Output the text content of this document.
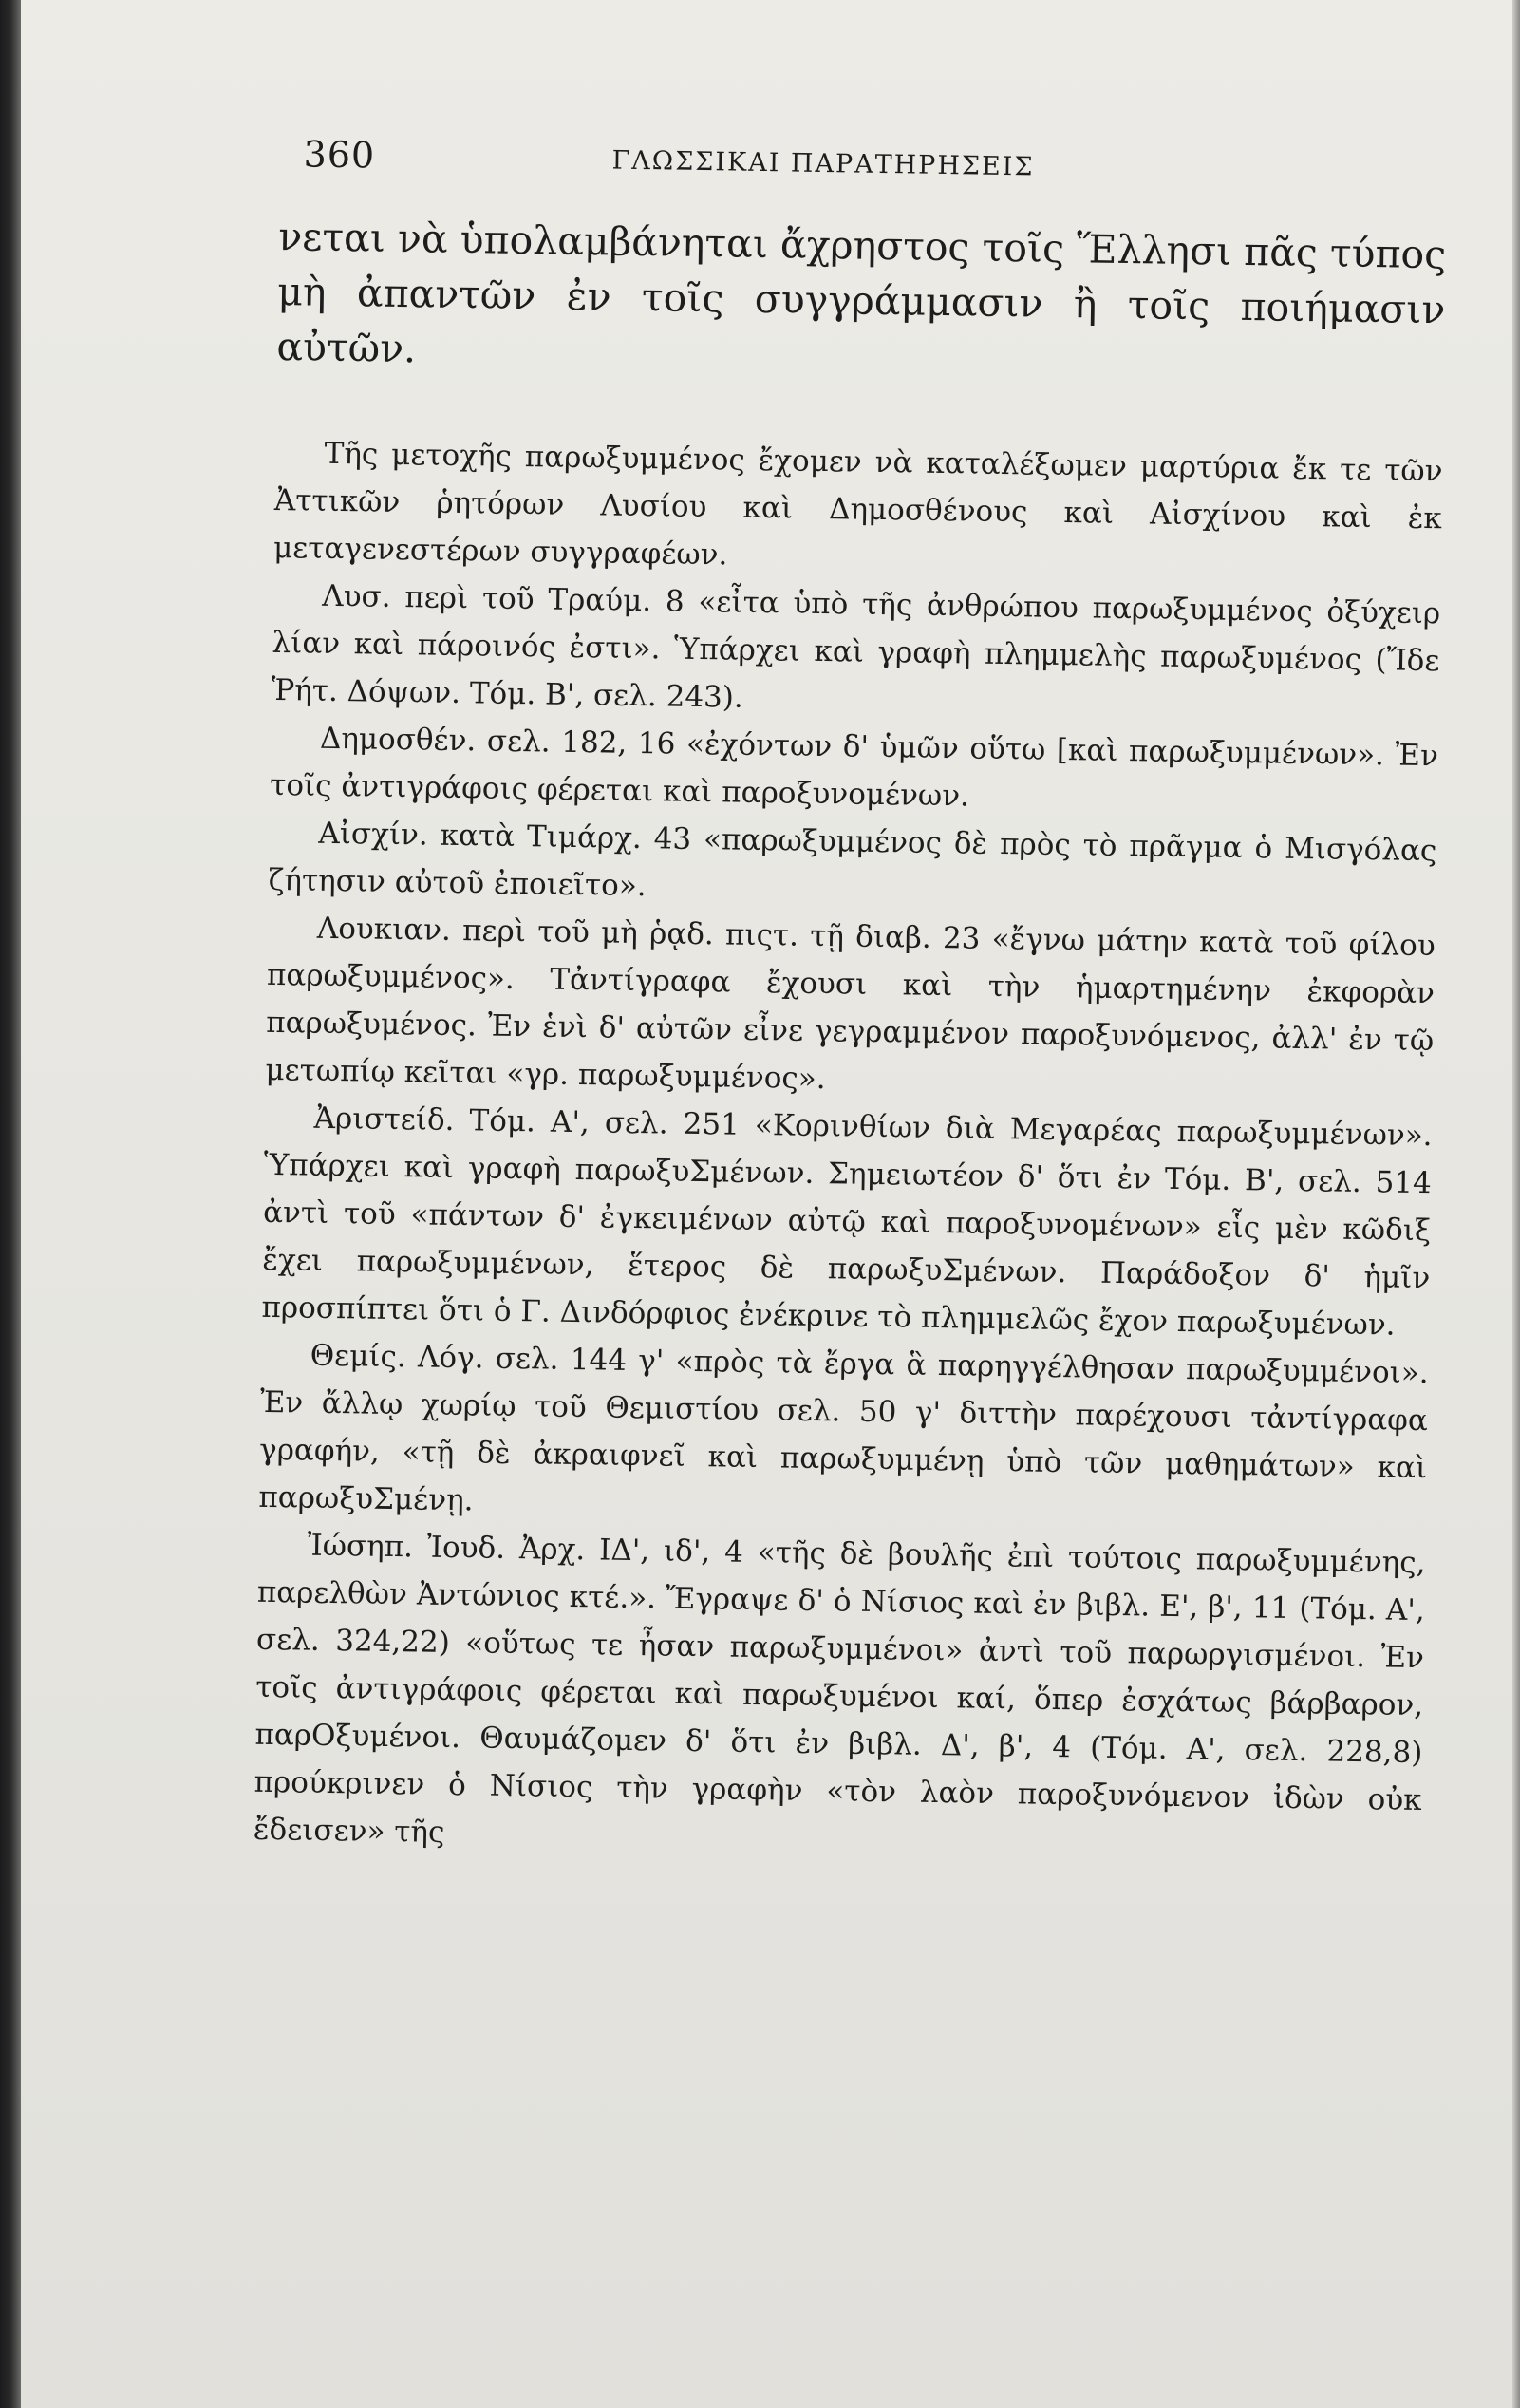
360	ΓΛΩΣΣΙΚΑΙ ΠΑΡΑΤΗΡΗΣΕΙΣ

νεται νὰ ὑπολαμβάνηται ἄχρηστος τοῖς Ἕλλησι πᾶς τύπος μὴ ἀπαντῶν ἐν τοῖς συγγράμμασιν ἢ τοῖς ποιήμασιν αὐτῶν.

Τῆς μετοχῆς παρωξυμμένος ἔχομεν νὰ καταλέξωμεν μαρτύρια ἔκ τε τῶν Ἀττικῶν ῥητόρων Λυσίου καὶ Δημοσθένους καὶ Αἰσχίνου καὶ ἐκ μεταγενεστέρων συγγραφέων.

Λυσ. περὶ τοῦ Τραύμ. 8 «εἶτα ὑπὸ τῆς ἀνθρώπου παρωξυμμένος ὀξύχειρ λίαν καὶ πάροινός ἐστι». Ὑπάρχει καὶ γραφὴ πλημμελὴς παρωξυμένος (Ἴδε Ῥήτ. Δόψων. Τόμ. Β', σελ. 243).

Δημοσθέν. σελ. 182, 16 «ἐχόντων δ' ὑμῶν οὕτω [καὶ παρωξυμμένων». Ἐν τοῖς ἀντιγράφοις φέρεται καὶ παροξυνομένων.

Αἰσχίν. κατὰ Τιμάρχ. 43 «παρωξυμμένος δὲ πρὸς τὸ πρᾶγμα ὁ Μισγόλας ζήτησιν αὐτοῦ ἐποιεῖτο».

Λουκιαν. περὶ τοῦ μὴ ῥᾳδ. πιςτ. τῇ διαβ. 23 «ἔγνω μάτην κατὰ τοῦ φίλου παρωξυμμένος». Τἀντίγραφα ἔχουσι καὶ τὴν ἡμαρτημένην ἐκφορὰν παρωξυμένος. Ἐν ἑνὶ δ' αὐτῶν εἶνε γεγραμμένον παροξυνόμενος, ἀλλ' ἐν τῷ μετωπίῳ κεῖται «γρ. παρωξυμμένος».

Ἀριστείδ. Τόμ. Α', σελ. 251 «Κορινθίων διὰ Μεγαρέας παρωξυμμένων». Ὑπάρχει καὶ γραφὴ παρωξυΣμένων. Σημειωτέον δ' ὅτι ἐν Τόμ. Β', σελ. 514 ἀντὶ τοῦ «πάντων δ' ἐγκειμένων αὐτῷ καὶ παροξυνομένων» εἷς μὲν κῶδιξ ἔχει παρωξυμμένων, ἕτερος δὲ παρωξυΣμένων. Παράδοξον δ' ἡμῖν προσπίπτει ὅτι ὁ Γ. Δινδόρφιος ἐνέκρινε τὸ πλημμελῶς ἔχον παρωξυμένων.

Θεμίς. Λόγ. σελ. 144 γ' «πρὸς τὰ ἔργα ἃ παρηγγέλθησαν παρωξυμμένοι». Ἐν ἄλλῳ χωρίῳ τοῦ Θεμιστίου σελ. 50 γ' διττὴν παρέχουσι τἀντίγραφα γραφήν, «τῇ δὲ ἀκραιφνεῖ καὶ παρωξυμμένῃ ὑπὸ τῶν μαθημάτων» καὶ παρωξυΣμένῃ.

Ἰώσηπ. Ἰουδ. Ἀρχ. ΙΔ', ιδ', 4 «τῆς δὲ βουλῆς ἐπὶ τούτοις παρωξυμμένης, παρελθὼν Ἀντώνιος κτέ.». Ἔγραψε δ' ὁ Νίσιος καὶ ἐν βιβλ. Ε', β', 11 (Τόμ. Α', σελ. 324,22) «οὕτως τε ἦσαν παρωξυμμένοι» ἀντὶ τοῦ παρωργισμένοι. Ἐν τοῖς ἀντιγράφοις φέρεται καὶ παρωξυμένοι καί, ὅπερ ἐσχάτως βάρβαρον, παρΟξυμένοι. Θαυμάζομεν δ' ὅτι ἐν βιβλ. Δ', β', 4 (Τόμ. Α', σελ. 228,8) προύκρινεν ὁ Νίσιος τὴν γραφὴν «τὸν λαὸν παροξυνόμενον ἰδὼν οὐκ ἔδεισεν» τῆς
